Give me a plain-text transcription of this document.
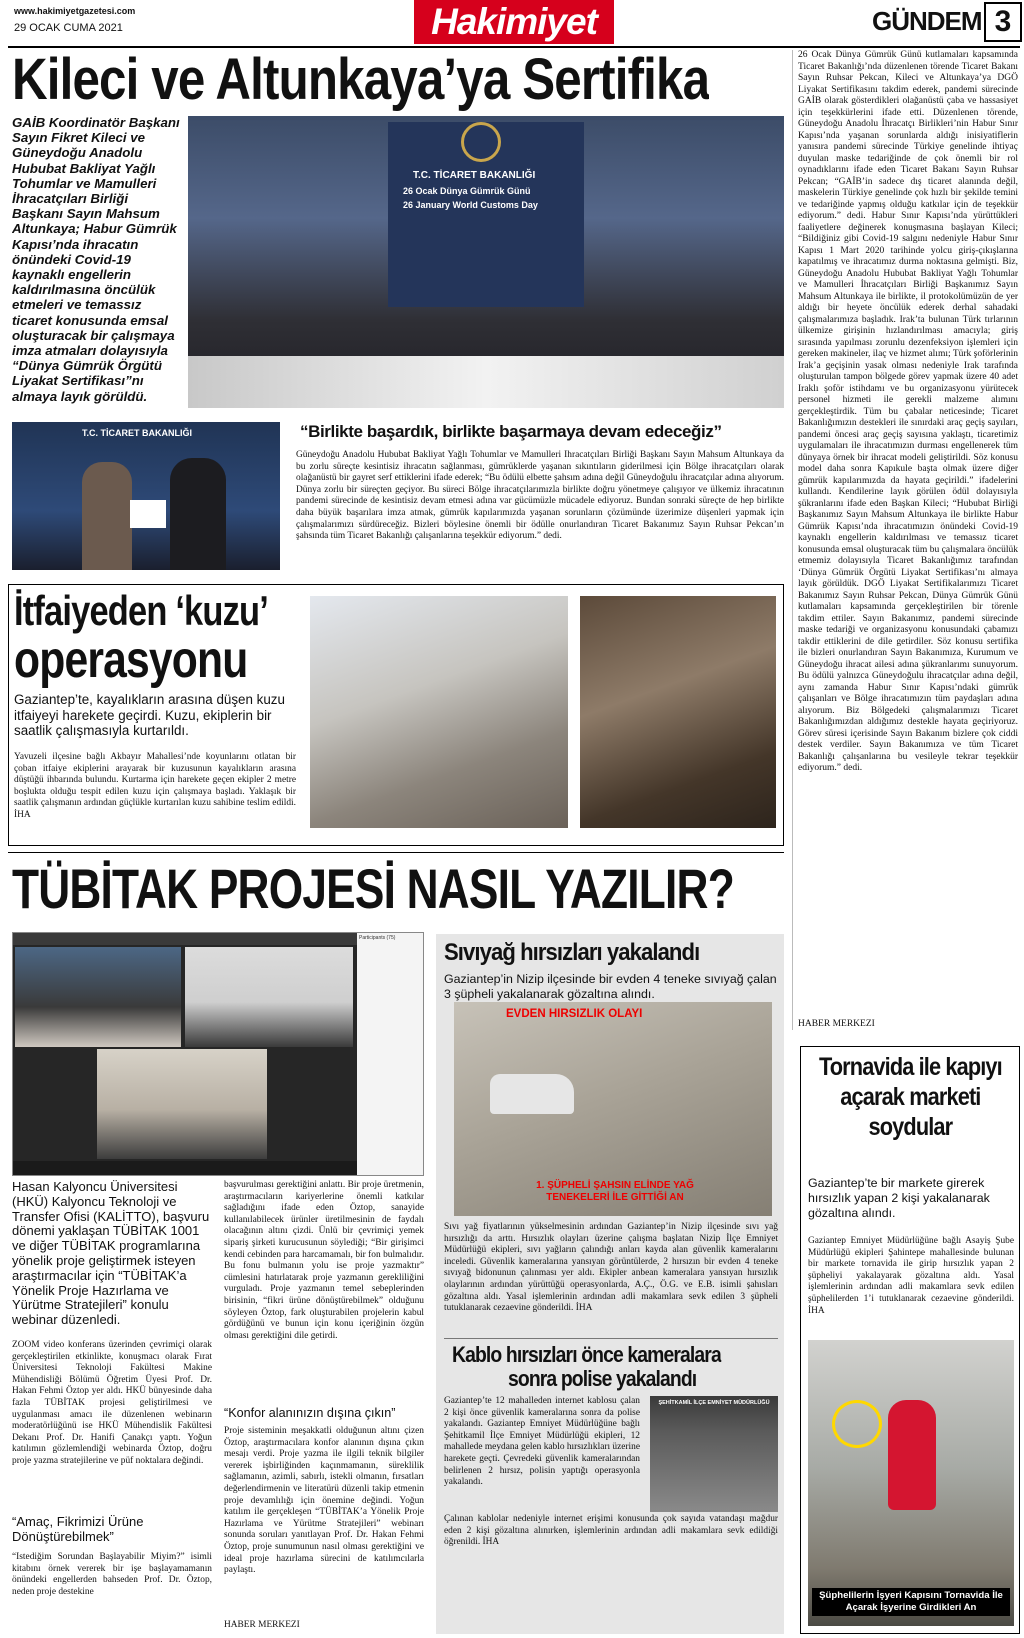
www.hakimiyetgazetesi.com
29 OCAK CUMA 2021	Hakimiyet	GÜNDEM 3
Kileci ve Altunkaya’ya Sertifika
GAİB Koordinatör Başkanı Sayın Fikret Kileci ve Güneydoğu Anadolu Hububat Bakliyat Yağlı Tohumlar ve Mamulleri İhracatçıları Birliği Başkanı Sayın Mahsum Altunkaya; Habur Gümrük Kapısı’nda ihracatın önündeki Covid-19 kaynaklı engellerin kaldırılmasına öncülük etmeleri ve temassız ticaret konusunda emsal oluşturacak bir çalışmaya imza atmaları dolayısıyla “Dünya Gümrük Örgütü Liyakat Sertifikası”nı almaya layık görüldü.
T.C. TİCARET BAKANLIĞI
26 Ocak Dünya Gümrük Günü
26 January World Customs Day
T.C. TİCARET BAKANLIĞI	“Birlikte başardık, birlikte başarmaya devam edeceğiz”
Güneydoğu Anadolu Hububat Bakliyat Yağlı Tohumlar ve Mamulleri İhracatçıları Birliği Başkanı Sayın Mahsum Altunkaya da bu zorlu süreçte kesintisiz ihracatın sağlanması, gümrüklerde yaşanan sıkıntıların giderilmesi için Bölge ihracatçıları olarak olağanüstü bir gayret serf ettiklerini ifade ederek; “Bu ödülü elbette şahsım adına değil Güneydoğulu ihracatçılar adına alıyorum. Dünya zorlu bir süreçten geçiyor. Bu süreci Bölge ihracatçılarımızla birlikte doğru yönetmeye çalışıyor ve ülkemiz ihracatının pandemi sürecinde de kesintisiz devam etmesi adına var gücümüzle mücadele ediyoruz. Bundan sonraki süreçte de hep birlikte daha büyük başarılara imza atmak, gümrük kapılarımızda yaşanan sorunların çözümünde üzerimize düşenleri yapmak için çalışmalarımızı sürdüreceğiz. Bizleri böylesine önemli bir ödülle onurlandıran Ticaret Bakanımız Sayın Ruhsar Pekcan’ın şahsında tüm Ticaret Bakanlığı çalışanlarına teşekkür ediyorum.” dedi.
26 Ocak Dünya Gümrük Günü kutlamaları kapsamında Ticaret Bakanlığı’nda düzenlenen törende Ticaret Bakanı Sayın Ruhsar Pekcan, Kileci ve Altunkaya’ya DGÖ Liyakat Sertifikasını takdim ederek, pandemi sürecinde GAİB olarak gösterdikleri olağanüstü çaba ve hassasiyet için teşekkürlerini ifade etti. Düzenlenen törende, Güneydoğu Anadolu İhracatçı Birlikleri’nin Habur Sınır Kapısı’nda yaşanan sorunlarda aldığı inisiyatiflerin yanısıra pandemi sürecinde Türkiye genelinde ihtiyaç duyulan maske tedariğinde de çok önemli bir rol oynadıklarını ifade eden Ticaret Bakanı Sayın Ruhsar Pekcan; “GAİB’in sadece dış ticaret alanında değil, maskelerin Türkiye genelinde çok hızlı bir şekilde temini ve tedariğinde yapmış olduğu katkılar için de teşekkür ediyorum.” dedi. Habur Sınır Kapısı’nda yürüttükleri faaliyetlere değinerek konuşmasına başlayan Kileci; “Bildiğiniz gibi Covid-19 salgını nedeniyle Habur Sınır Kapısı 1 Mart 2020 tarihinde yolcu giriş-çıkışlarına kapatılmış ve ihracatımız durma noktasına gelmişti. Biz, Güneydoğu Anadolu Hububat Bakliyat Yağlı Tohumlar ve Mamulleri İhracatçıları Birliği Başkanımız Sayın Mahsum Altunkaya ile birlikte, il protokolümüzün de yer aldığı bir heyete öncülük ederek derhal sahadaki çalışmalarımıza başladık. Irak’ta bulunan Türk tırlarının ülkemize girişinin hızlandırılması amacıyla; giriş sırasında yapılması zorunlu dezenfeksiyon işlemleri için gereken makineler, ilaç ve hizmet alımı; Türk şoförlerinin Irak’a geçişinin yasak olması nedeniyle Irak tarafında oluşturulan tampon bölgede görev yapmak üzere 40 adet Iraklı şoför istihdamı ve bu organizasyonu yürütecek personel hizmeti ile gerekli malzeme alımını gerçekleştirdik. Tüm bu çabalar neticesinde; Ticaret Bakanlığımızın destekleri ile sınırdaki araç geçiş sayıları, pandemi öncesi araç geçiş sayısına yaklaştı, ticaretimiz uygulamaları ile ihracatımızın durması engellenerek tüm dünyaya örnek bir ihracat modeli geliştirildi. Söz konusu model daha sonra Kapıkule başta olmak üzere diğer gümrük kapılarımızda da hayata geçirildi.” ifadelerini kullandı. Kendilerine layık görülen ödül dolayısıyla şükranlarını ifade eden Başkan Kileci; “Hububat Birliği Başkanımız Sayın Mahsum Altunkaya ile birlikte Habur Gümrük Kapısı’nda ihracatımızın önündeki Covid-19 kaynaklı engellerin kaldırılması ve temassız ticaret konusunda emsal oluşturacak tüm bu çalışmalara öncülük etmemiz dolayısıyla Ticaret Bakanlığımız tarafından ‘Dünya Gümrük Örgütü Liyakat Sertifikası’nı almaya layık görüldük. DGÖ Liyakat Sertifikalarımızı Ticaret Bakanımız Sayın Ruhsar Pekcan, Dünya Gümrük Günü kutlamaları kapsamında gerçekleştirilen bir törenle takdim ettiler. Sayın Bakanımız, pandemi sürecinde maske tedariği ve organizasyonu konusundaki çabamızı takdir ettiklerini de dile getirdiler. Söz konusu sertifika ile bizleri onurlandıran Sayın Bakanımıza, Kurumum ve Güneydoğu ihracat ailesi adına şükranlarımı sunuyorum. Bu ödülü yalnızca Güneydoğulu ihracatçılar adına değil, aynı zamanda Habur Sınır Kapısı’ndaki gümrük çalışanları ve Bölge ihracatımızın tüm paydaşları adına alıyorum. Biz Bölgedeki çalışmalarımızı Ticaret Bakanlığımızdan aldığımız destekle hayata geçiriyoruz. Görev süresi içerisinde Sayın Bakanım bizlere çok ciddi destek verdiler. Sayın Bakanımıza ve tüm Ticaret Bakanlığı çalışanlarına bu vesileyle tekrar teşekkür ediyorum.” dedi.
HABER MERKEZİ
İtfaiyeden ‘kuzu’
operasyonu
Gaziantep’te, kayalıkların arasına düşen kuzu itfaiyeyi harekete geçirdi. Kuzu, ekiplerin bir saatlik çalışmasıyla kurtarıldı.
Yavuzeli ilçesine bağlı Akbayır Mahallesi’nde koyunlarını otlatan bir çoban itfaiye ekiplerini arayarak bir kuzusunun kayalıkların arasına düştüğü ihbarında bulundu. Kurtarma için harekete geçen ekipler 2 metre boşlukta olduğu tespit edilen kuzu için çalışmaya başladı. Yaklaşık bir saatlik çalışmanın ardından güçlükle kurtarılan kuzu sahibine teslim edildi. İHA
TÜBİTAK PROJESİ NASIL YAZILIR?
Participants (75)
Hasan Kalyoncu Üniversitesi (HKÜ) Kalyoncu Teknoloji ve Transfer Ofisi (KALİTTO), başvuru dönemi yaklaşan TÜBİTAK 1001 ve diğer TÜBİTAK programlarına yönelik proje geliştirmek isteyen araştırmacılar için “TÜBİTAK’a Yönelik Proje Hazırlama ve Yürütme Stratejileri” konulu webinar düzenledi.
ZOOM video konferans üzerinden çevrimiçi olarak gerçekleştirilen etkinlikte, konuşmacı olarak Fırat Üniversitesi Teknoloji Fakültesi Makine Mühendisliği Bölümü Öğretim Üyesi Prof. Dr. Hakan Fehmi Öztop yer aldı. HKÜ bünyesinde daha fazla TÜBİTAK projesi geliştirilmesi ve uygulanması amacı ile düzenlenen webinarın moderatörlüğünü ise HKÜ Mühendislik Fakültesi Dekanı Prof. Dr. Hanifi Çanakçı yaptı. Yoğun katılımın gözlemlendiği webinarda Öztop, doğru proje yazma stratejilerine ve püf noktalara değindi.
“Amaç, Fikrimizi Ürüne Dönüştürebilmek”
“İstediğim Sorundan Başlayabilir Miyim?” isimli kitabını örnek vererek bir işe başlayamamanın önündeki engellerden bahseden Prof. Dr. Öztop, neden proje destekine
başvurulması gerektiğini anlattı. Bir proje üretmenin, araştırmacıların kariyerlerine önemli katkılar sağladığını ifade eden Öztop, sanayide kullanılabilecek ürünler üretilmesinin de faydalı olacağının altını çizdi. Ünlü bir çevrimiçi yemek sipariş şirketi kurucusunun söylediği; “Bir girişimci kendi cebinden para harcamamalı, bir fon bulmalıdır. Bu fonu bulmanın yolu ise proje yazmaktır” cümlesini hatırlatarak proje yazmanın gerekliliğini vurguladı. Proje yazmanın temel sebeplerinden birisinin, “fikri ürüne dönüştürebilmek” olduğunu söyleyen Öztop, fark oluşturabilen projelerin kabul gördüğünü ve bunun için konu içeriğinin özgün olması gerektiğini dile getirdi.
“Konfor alanınızın dışına çıkın”
Proje sisteminin meşakkatli olduğunun altını çizen Öztop, araştırmacılara konfor alanının dışına çıkın mesajı verdi. Proje yazma ile ilgili teknik bilgiler vererek işbirliğinden kaçınmamanın, süreklilik sağlamanın, azimli, sabırlı, istekli olmanın, fırsatları değerlendirmenin ve literatürü düzenli takip etmenin proje devamlılığı için önemine değindi. Yoğun katılım ile gerçekleşen “TÜBİTAK’a Yönelik Proje Hazırlama ve Yürütme Stratejileri” webinarı sonunda soruları yanıtlayan Prof. Dr. Hakan Fehmi Öztop, proje sunumunun nasıl olması gerektiğini ve ideal proje hazırlama sürecini de katılımcılarla paylaştı.
HABER MERKEZİ
Sıvıyağ hırsızları yakalandı
Gaziantep’in Nizip ilçesinde bir evden 4 teneke sıvıyağ çalan 3 şüpheli yakalanarak gözaltına alındı.
EVDEN HIRSIZLIK OLAYI
1. ŞÜPHELİ ŞAHSIN ELİNDE YAĞ TENEKELERİ İLE GİTTİĞİ AN
Sıvı yağ fiyatlarının yükselmesinin ardından Gaziantep’in Nizip ilçesinde sıvı yağ hırsızlığı da arttı. Hırsızlık olayları üzerine çalışma başlatan Nizip İlçe Emniyet Müdürlüğü ekipleri, sıvı yağların çalındığı anları kayda alan güvenlik kameralarını inceledi. Güvenlik kameralarına yansıyan görüntülerde, 2 hırsızın bir evden 4 teneke sıvıyağ bidonunun çalınması yer aldı. Ekipler anbean kameralara yansıyan hırsızlık olaylarının ardından yürüttüğü operasyonlarda, A.Ç., Ö.G. ve E.B. isimli şahısları gözaltına aldı. Yasal işlemlerinin ardından adli makamlara sevk edilen 3 şüpheli tutuklanarak cezaevine gönderildi. İHA
Kablo hırsızları önce kameralara
sonra polise yakalandı
Gaziantep’te 12 mahalleden internet kablosu çalan 2 kişi önce güvenlik kameralarına sonra da polise yakalandı. Gaziantep Emniyet Müdürlüğüne bağlı Şehitkamil İlçe Emniyet Müdürlüğü ekipleri, 12 mahallede meydana gelen kablo hırsızlıkları üzerine harekete geçti. Çevredeki güvenlik kameralarından belirlenen 2 hırsız, polisin yaptığı operasyonla yakalandı.
ŞEHİTKAMİL İLÇE EMNİYET MÜDÜRLÜĞÜ
Çalınan kablolar nedeniyle internet erişimi konusunda çok sayıda vatandaşı mağdur eden 2 kişi gözaltına alınırken, işlemlerinin ardından adli makamlara sevk edildiği öğrenildi. İHA
Tornavida ile kapıyı açarak marketi soydular
Gaziantep’te bir markete girerek hırsızlık yapan 2 kişi yakalanarak gözaltına alındı.
Gaziantep Emniyet Müdürlüğüne bağlı Asayiş Şube Müdürlüğü ekipleri Şahintepe mahallesinde bulunan bir markete tornavida ile girip hırsızlık yapan 2 şüpheliyi yakalayarak gözaltına aldı. Yasal işlemlerinin ardından adli makamlara sevk edilen şüphelilerden 1’i tutuklanarak cezaevine gönderildi. İHA
Şüphelilerin İşyeri Kapısını Tornavida İle Açarak İşyerine Girdikleri An
